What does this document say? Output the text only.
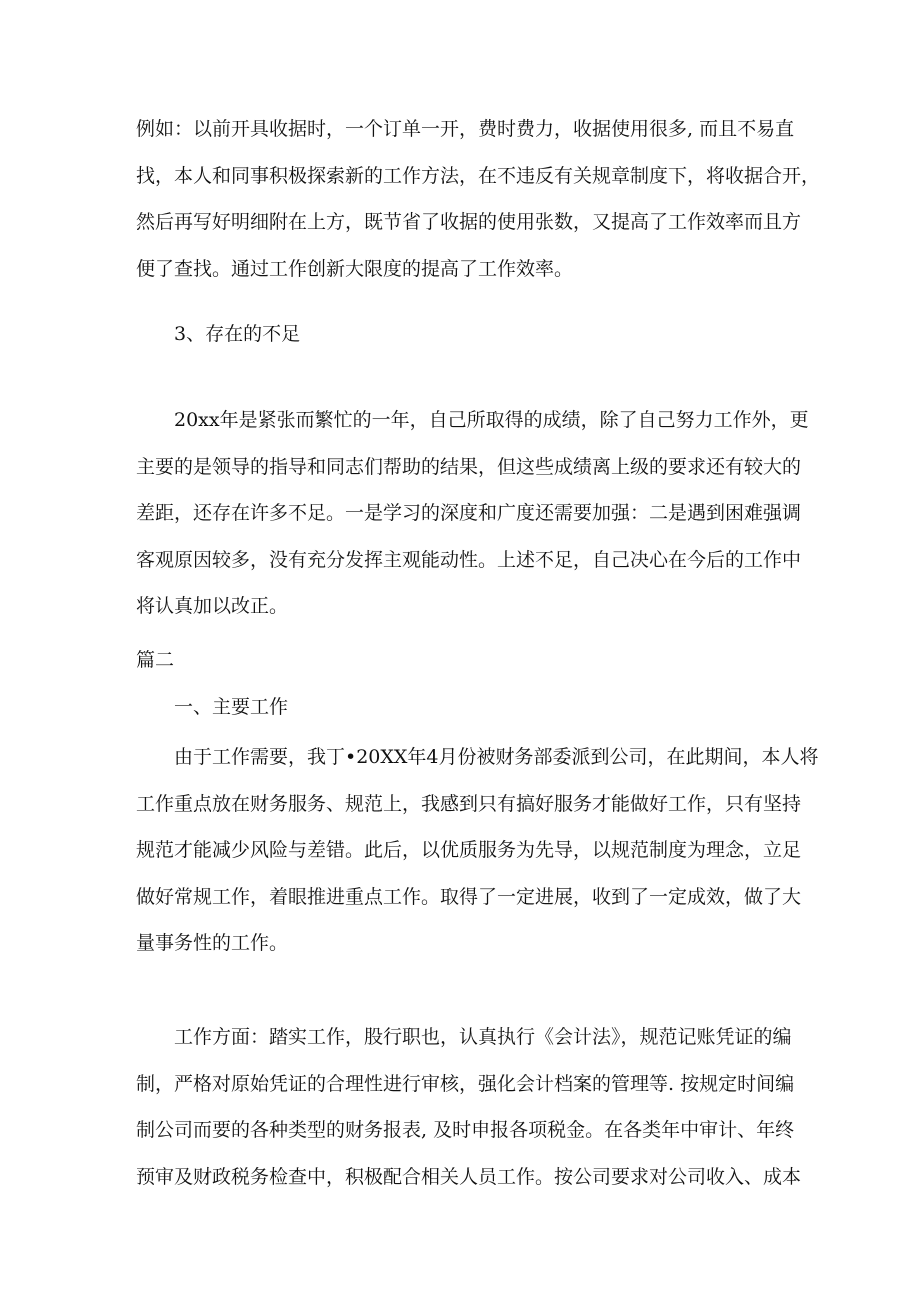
例如：以前开具收据时，一个订单一开，费时费力，收据使用很多, 而且不易直
找，本人和同事积极探索新的工作方法，在不违反有关规章制度下，将收据合开，
然后再写好明细附在上方，既节省了收据的使用张数，又提高了工作效率而且方
便了查找。通过工作创新大限度的提高了工作效率。
3、存在的不足
20xx年是紧张而繁忙的一年，自己所取得的成绩，除了自己努力工作外，更
主要的是领导的指导和同志们帮助的结果，但这些成绩离上级的要求还有较大的
差距，还存在许多不足。一是学习的深度和广度还需要加强：二是遇到困难强调
客观原因较多，没有充分发挥主观能动性。上述不足，自己决心在今后的工作中
将认真加以改正。
篇二
一、主要工作
由于工作需要，我丁•20XX年4月份被财务部委派到公司，在此期间，本人将
工作重点放在财务服务、规范上，我感到只有搞好服务才能做好工作，只有坚持
规范才能减少风险与差错。此后，以优质服务为先导，以规范制度为理念，立足
做好常规工作，着眼推进重点工作。取得了一定进展，收到了一定成效，做了大
量事务性的工作。
工作方面：踏实工作，股行职也，认真执行《会计法》，规范记账凭证的编
制，严格对原始凭证的合理性进行审核，强化会计档案的管理等. 按规定时间编
制公司而要的各种类型的财务报表, 及时申报各项税金。在各类年中审计、年终
预审及财政税务检查中，积极配合相关人员工作。按公司要求对公司收入、成本
